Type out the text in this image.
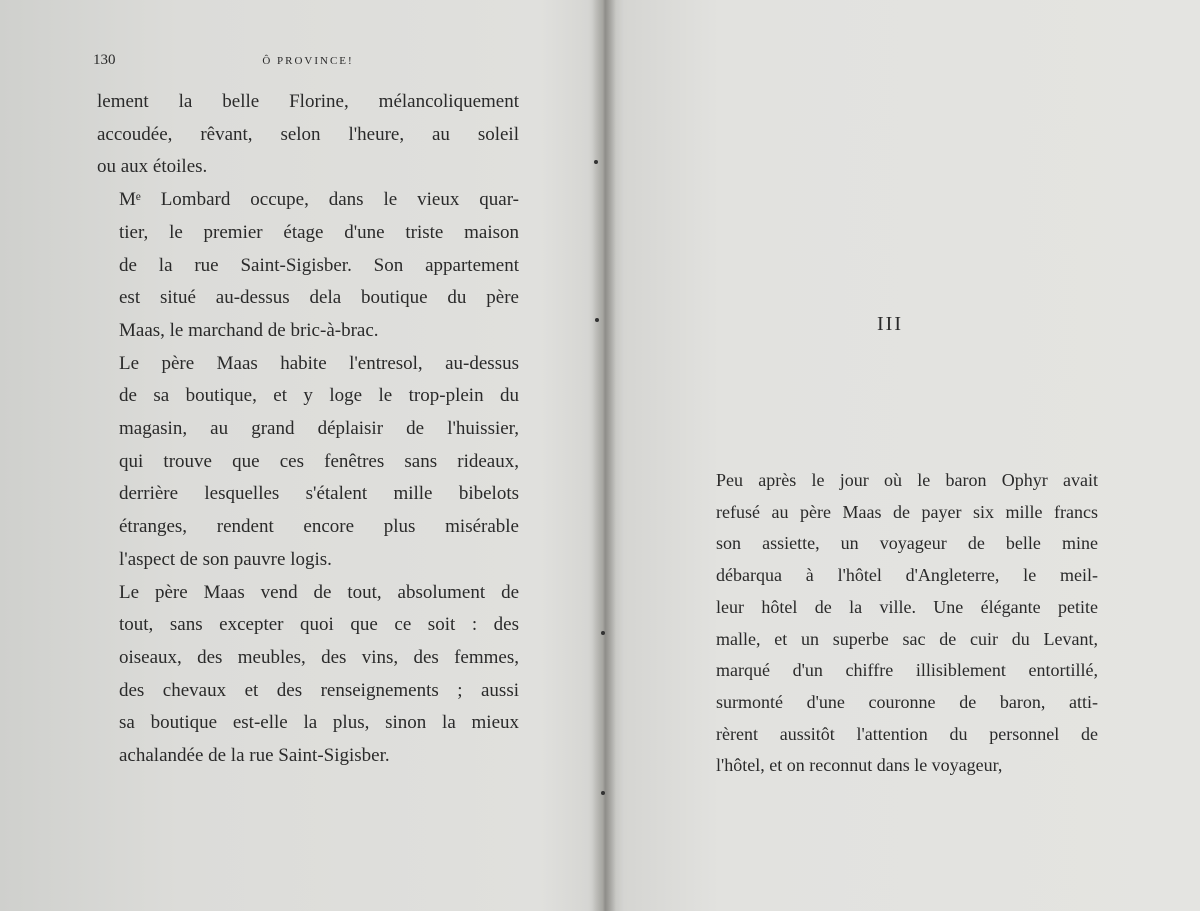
130	Ô PROVINCE!

lement la belle Florine, mélancoliquement
accoudée, rêvant, selon l'heure, au soleil
ou aux étoiles.

Mᵉ Lombard occupe, dans le vieux quar-
tier, le premier étage d'une triste maison
de la rue Saint-Sigisber. Son appartement
est situé au-dessus dela boutique du père
Maas, le marchand de bric-à-brac.

Le père Maas habite l'entresol, au-dessus
de sa boutique, et y loge le trop-plein du
magasin, au grand déplaisir de l'huissier,
qui trouve que ces fenêtres sans rideaux,
derrière lesquelles s'étalent mille bibelots
étranges, rendent encore plus misérable
l'aspect de son pauvre logis.

Le père Maas vend de tout, absolument de
tout, sans excepter quoi que ce soit : des
oiseaux, des meubles, des vins, des femmes,
des chevaux et des renseignements ; aussi
sa boutique est-elle la plus, sinon la mieux
achalandée de la rue Saint-Sigisber.

III

Peu après le jour où le baron Ophyr avait
refusé au père Maas de payer six mille francs
son assiette, un voyageur de belle mine
débarqua à l'hôtel d'Angleterre, le meil-
leur hôtel de la ville. Une élégante petite
malle, et un superbe sac de cuir du Levant,
marqué d'un chiffre illisiblement entortillé,
surmonté d'une couronne de baron, atti-
rèrent aussitôt l'attention du personnel de
l'hôtel, et on reconnut dans le voyageur,
